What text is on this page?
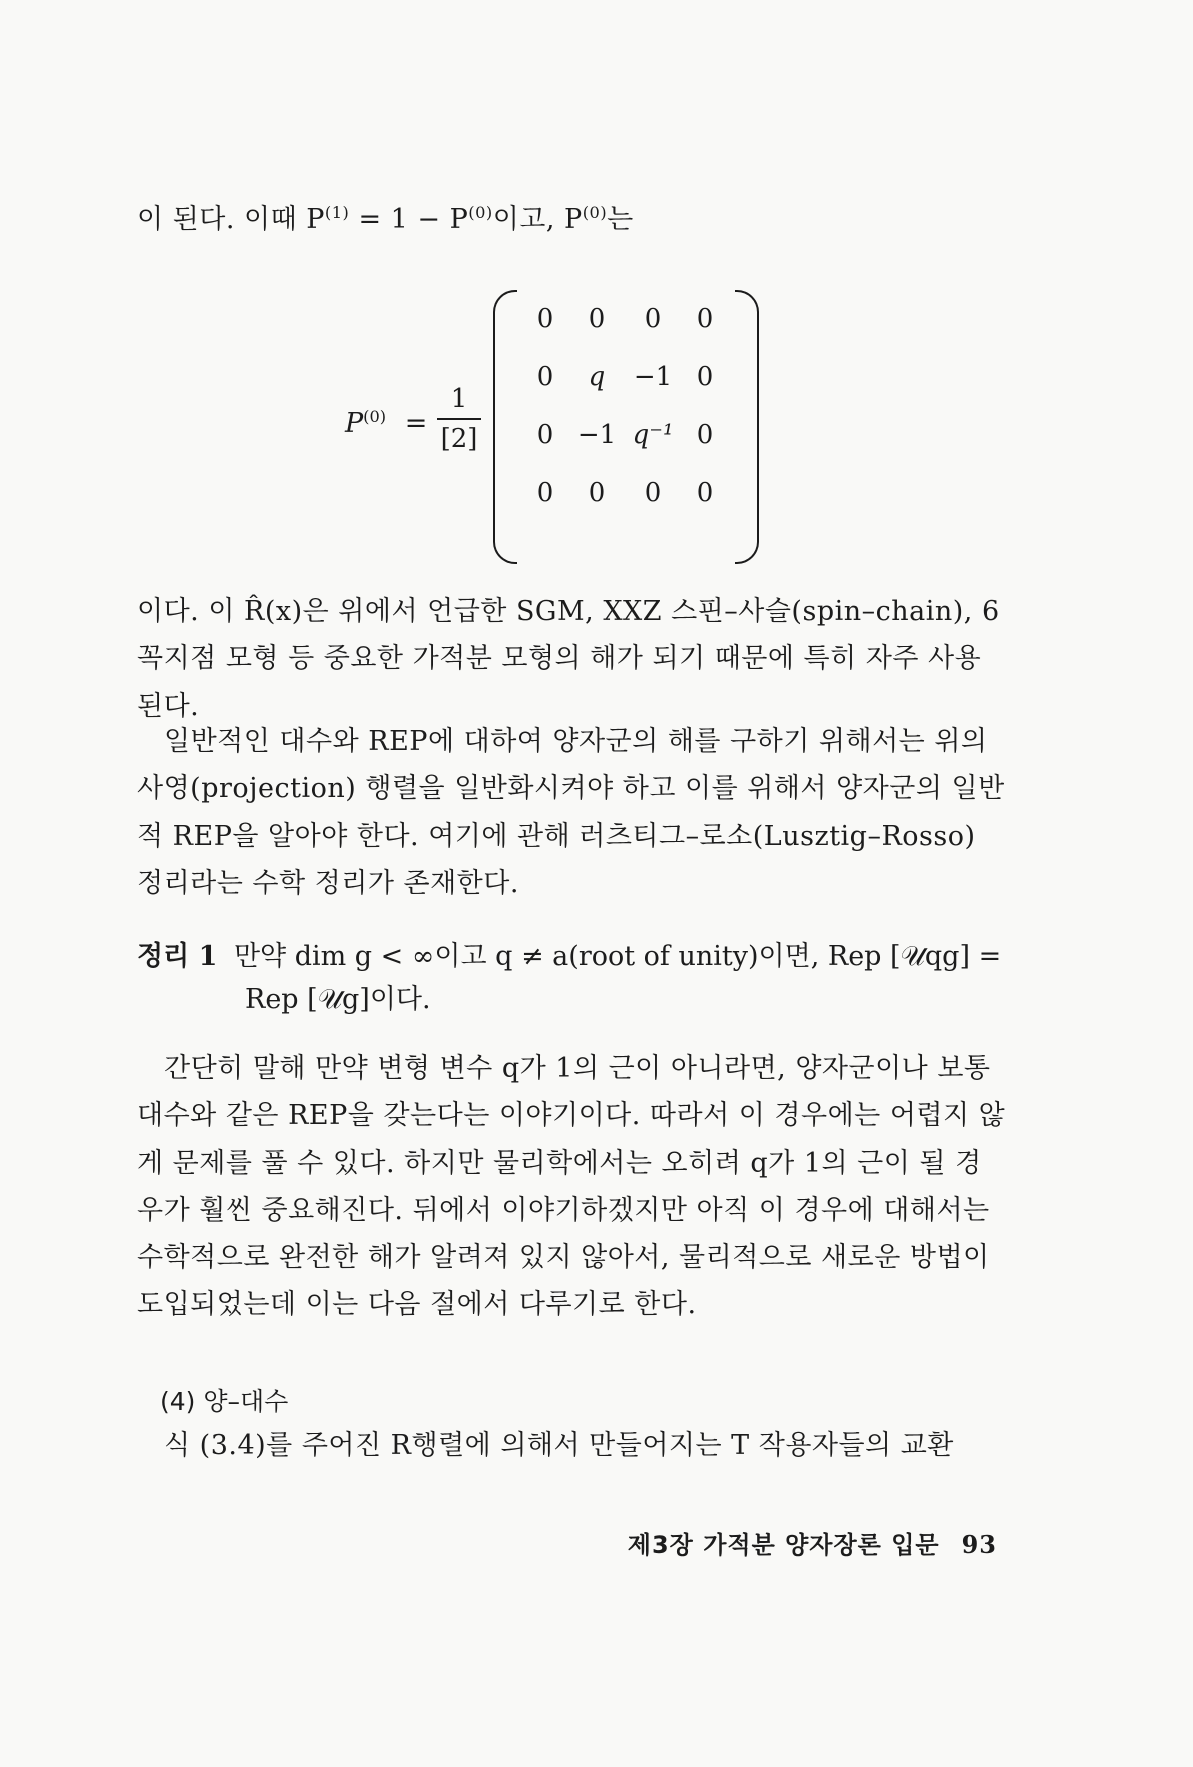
이 된다. 이때 $P^{(1)} = 1 - P^{(0)}$이고, $P^{(0)}$는
$P^{(0)}$ =
1
[2]
0	0	0	0
0	q	−1 0
0 −1 q⁻¹ 0
0	0	0	0
이다. 이 R̂(x)은 위에서 언급한 SGM, XXZ 스핀–사슬(spin–chain), 6꼭지점 모형 등 중요한 가적분 모형의 해가 되기 때문에 특히 자주 사용된다.
일반적인 대수와 REP에 대하여 양자군의 해를 구하기 위해서는 위의 사영(projection) 행렬을 일반화시켜야 하고 이를 위해서 양자군의 일반적 REP을 알아야 한다. 여기에 관해 러츠티그–로소(Lusztig–Rosso) 정리라는 수학 정리가 존재한다.
정리 1 만약 dim g < ∞이고 q ≠ a(root of unity)이면, Rep [𝒰qg] =
Rep [𝒰g]이다.
간단히 말해 만약 변형 변수 q가 1의 근이 아니라면, 양자군이나 보통 대수와 같은 REP을 갖는다는 이야기이다. 따라서 이 경우에는 어렵지 않게 문제를 풀 수 있다. 하지만 물리학에서는 오히려 q가 1의 근이 될 경우가 훨씬 중요해진다. 뒤에서 이야기하겠지만 아직 이 경우에 대해서는 수학적으로 완전한 해가 알려져 있지 않아서, 물리적으로 새로운 방법이 도입되었는데 이는 다음 절에서 다루기로 한다.
(4) 양–대수
식 (3.4)를 주어진 R행렬에 의해서 만들어지는 T 작용자들의 교환
제3장 가적분 양자장론 입문 93
